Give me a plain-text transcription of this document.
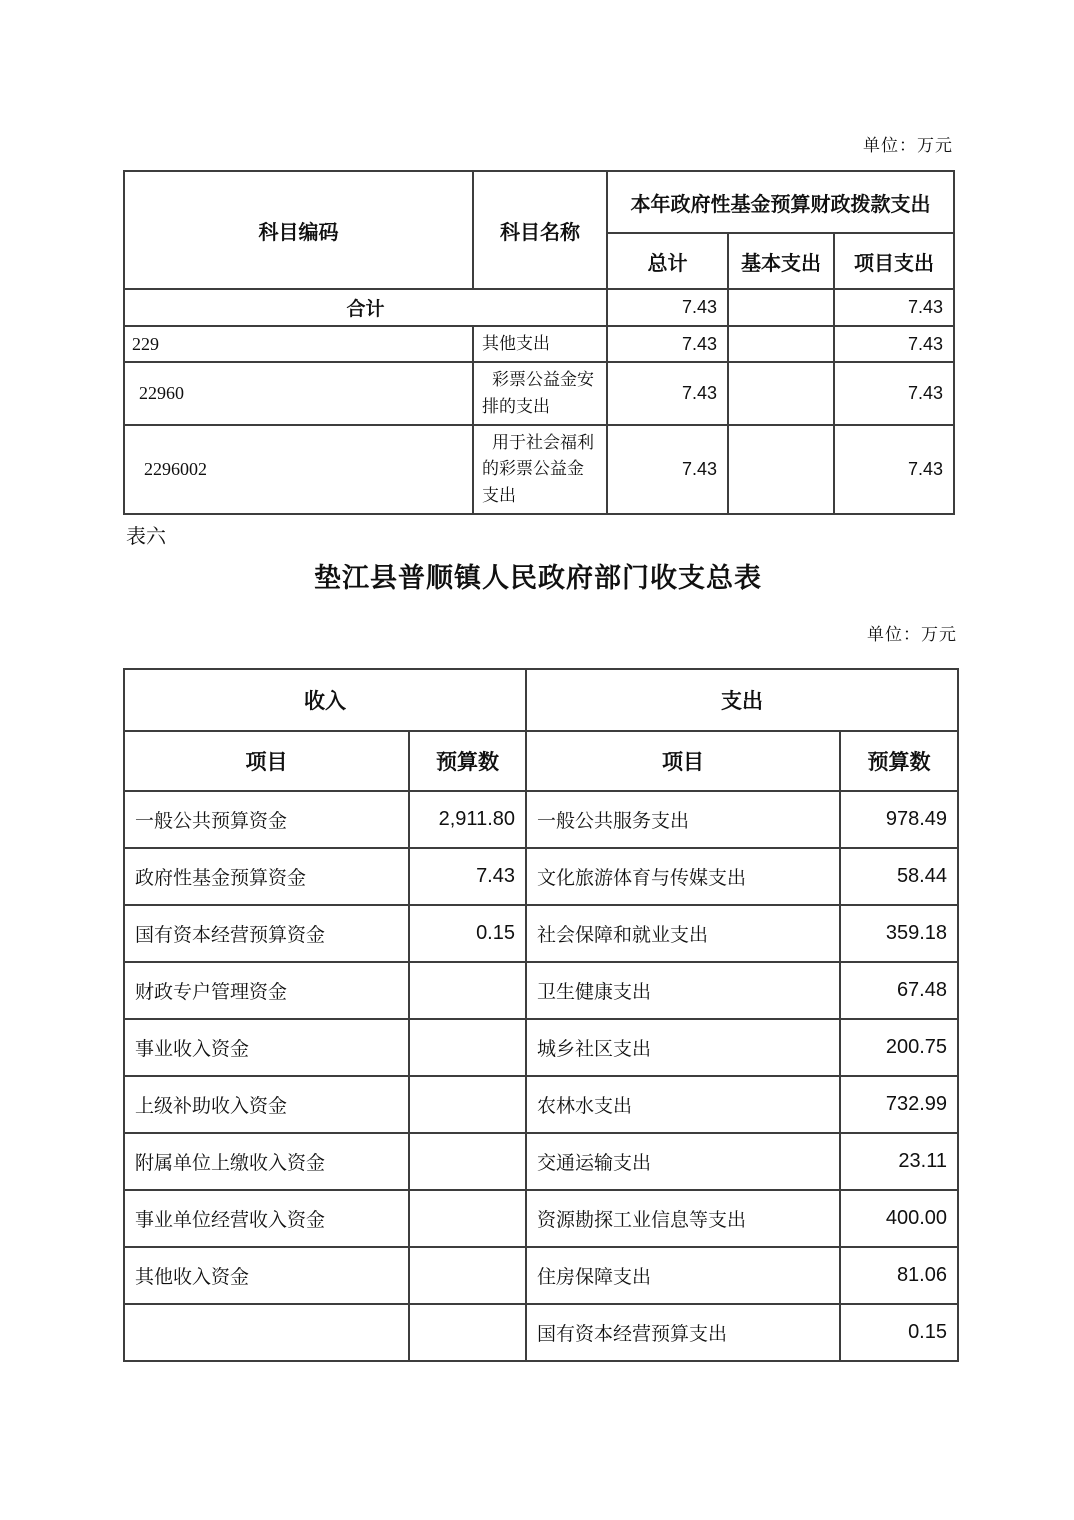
单位：万元
科目编码	科目名称	本年政府性基金预算财政拨款支出		
		总计	基本支出	项目支出
合计		7.43		7.43
229	其他支出	7.43		7.43
22960	彩票公益金安排的支出	7.43		7.43
2296002	用于社会福利的彩票公益金支出	7.43		7.43
表六
垫江县普顺镇人民政府部门收支总表
单位：万元
收入		支出	
项目	预算数	项目	预算数
一般公共预算资金	2,911.80	一般公共服务支出	978.49
政府性基金预算资金	7.43	文化旅游体育与传媒支出	58.44
国有资本经营预算资金	0.15	社会保障和就业支出	359.18
财政专户管理资金		卫生健康支出	67.48
事业收入资金		城乡社区支出	200.75
上级补助收入资金		农林水支出	732.99
附属单位上缴收入资金		交通运输支出	23.11
事业单位经营收入资金		资源勘探工业信息等支出	400.00
其他收入资金		住房保障支出	81.06
		国有资本经营预算支出	0.15
